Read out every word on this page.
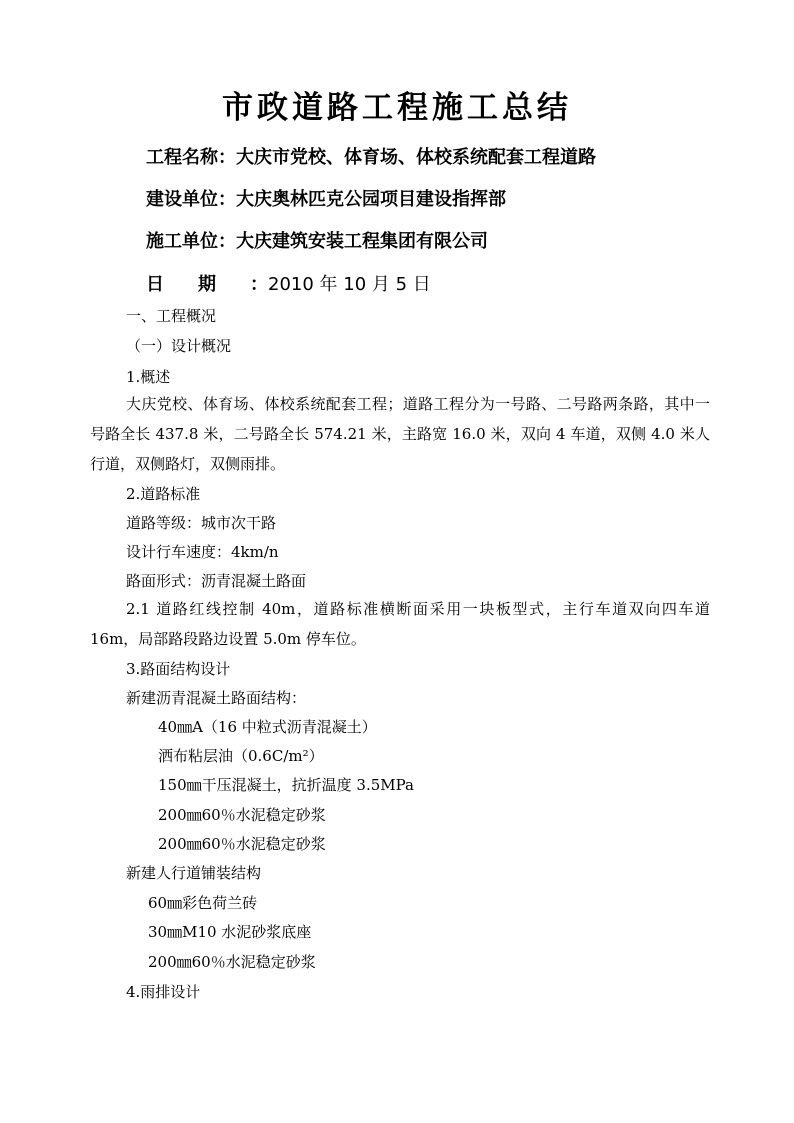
市政道路工程施工总结
工程名称：大庆市党校、体育场、体校系统配套工程道路
建设单位：大庆奥林匹克公园项目建设指挥部
施工单位：大庆建筑安装工程集团有限公司
日期：2010 年 10 月 5 日
一、工程概况
（一）设计概况
1.概述
大庆党校、体育场、体校系统配套工程；道路工程分为一号路、二号路两条路，其中一号路全长 437.8 米，二号路全长 574.21 米，主路宽 16.0 米，双向 4 车道，双侧 4.0 米人行道，双侧路灯，双侧雨排。
2.道路标准
道路等级：城市次干路
设计行车速度：4km/n
路面形式：沥青混凝土路面
2.1 道路红线控制 40m，道路标准横断面采用一块板型式，主行车道双向四车道 16m，局部路段路边设置 5.0m 停车位。
3.路面结构设计
新建沥青混凝土路面结构：
40㎜A（16 中粒式沥青混凝土）
洒布粘层油（0.6C/m²）
150㎜干压混凝土，抗折温度 3.5MPa
200㎜60％水泥稳定砂浆
200㎜60％水泥稳定砂浆
新建人行道铺装结构
60㎜彩色荷兰砖
30㎜M10 水泥砂浆底座
200㎜60％水泥稳定砂浆
4.雨排设计
